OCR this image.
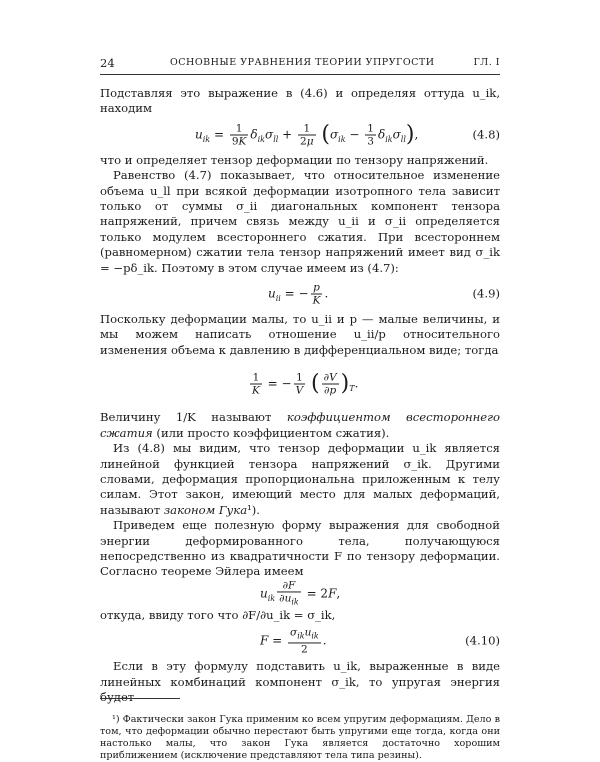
24	ОСНОВНЫЕ УРАВНЕНИЯ ТЕОРИИ УПРУГОСТИ	ГЛ. I

Подставляя это выражение в (4.6) и определяя оттуда u_ik, находим

$u_{ik} = \frac{1}{9K} \delta_{ik}\sigma_{ll} + \frac{1}{2\mu} (\sigma_{ik} - \frac{1}{3} \delta_{ik}\sigma_{ll})$,	(4.8)

что и определяет тензор деформации по тензору напряжений.

Равенство (4.7) показывает, что относительное изменение объема u_ll при всякой деформации изотропного тела зависит только от суммы σ_ii диагональных компонент тензора напряжений, причем связь между u_ii и σ_ii определяется только модулем всестороннего сжатия. При всестороннем (равномерном) сжатии тела тензор напряжений имеет вид σ_ik = −pδ_ik. Поэтому в этом случае имеем из (4.7):

$u_{ii}$ = − $\frac{p}{K}$ .	(4.9)

Поскольку деформации малы, то u_ii и p — малые величины, и мы можем написать отношение u_ii/p относительного изменения объема к давлению в дифференциальном виде; тогда

$\frac{1}{K}$ = − $\frac{1}{V}$ ( $\frac{\partial V}{\partial p} )_T$.

Величину 1/K называют коэффициентом всестороннего сжатия (или просто коэффициентом сжатия).

Из (4.8) мы видим, что тензор деформации u_ik является линейной функцией тензора напряжений σ_ik. Другими словами, деформация пропорциональна приложенным к телу силам. Этот закон, имеющий место для малых деформаций, называют законом Гука¹).

Приведем еще полезную форму выражения для свободной энергии деформированного тела, получающуюся непосредственно из квадратичности F по тензору деформации. Согласно теореме Эйлера имеем

$u_{ik} \frac{\partial F}{\partial u_{ik}} = 2F$,

откуда, ввиду того что ∂F/∂u_ik = σ_ik,

$F = \frac{\sigma_{ik}u_{ik}}{2}$ .	(4.10)

Если в эту формулу подставить u_ik, выраженные в виде линейных комбинаций компонент σ_ik, то упругая энергия будет

¹) Фактически закон Гука применим ко всем упругим деформациям. Дело в том, что деформации обычно перестают быть упругими еще тогда, когда они настолько малы, что закон Гука является достаточно хорошим приближением (исключение представляют тела типа резины).
